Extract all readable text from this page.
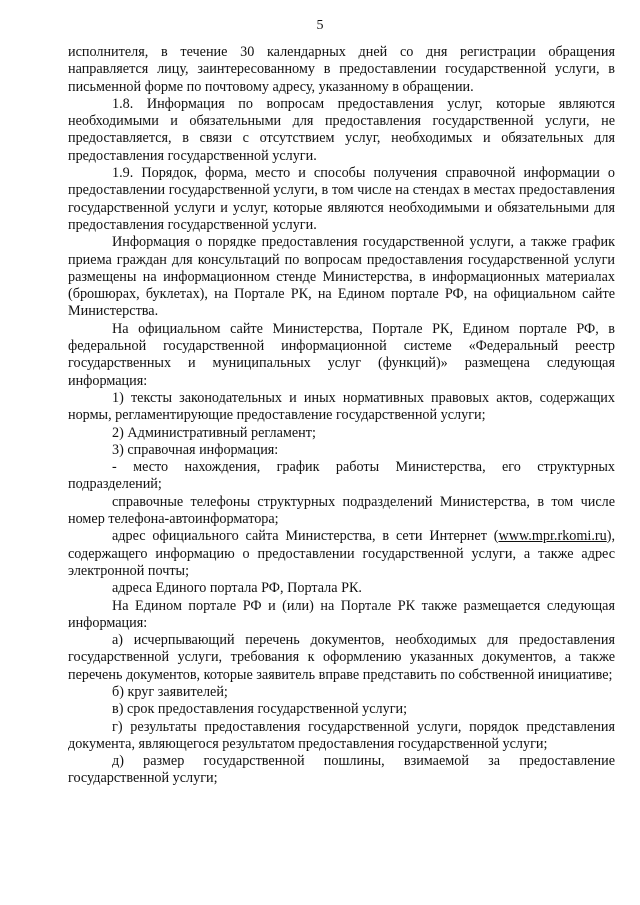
5

исполнителя, в течение 30 календарных дней со дня регистрации обращения направляется лицу, заинтересованному в предоставлении государственной услуги, в письменной форме по почтовому адресу, указанному в обращении.

1.8. Информация по вопросам предоставления услуг, которые являются необходимыми и обязательными для предоставления государственной услуги, не предоставляется, в связи с отсутствием услуг, необходимых и обязательных для предоставления государственной услуги.

1.9. Порядок, форма, место и способы получения справочной информации о предоставлении государственной услуги, в том числе на стендах в местах предоставления государственной услуги и услуг, которые являются необходимыми и обязательными для предоставления государственной услуги.

Информация о порядке предоставления государственной услуги, а также график приема граждан для консультаций по вопросам предоставления государственной услуги размещены на информационном стенде Министерства, в информационных материалах (брошюрах, буклетах), на Портале РК, на Едином портале РФ, на официальном сайте Министерства.

На официальном сайте Министерства, Портале РК, Едином портале РФ, в федеральной государственной информационной системе «Федеральный реестр государственных и муниципальных услуг (функций)» размещена следующая информация:

1) тексты законодательных и иных нормативных правовых актов, содержащих нормы, регламентирующие предоставление государственной услуги;

2) Административный регламент;

3) справочная информация:

- место нахождения, график работы Министерства, его структурных подразделений;

справочные телефоны структурных подразделений Министерства, в том числе номер телефона-автоинформатора;

адрес официального сайта Министерства, в сети Интернет (www.mpr.rkomi.ru), содержащего информацию о предоставлении государственной услуги, а также адрес электронной почты;

адреса Единого портала РФ, Портала РК.

На Едином портале РФ и (или) на Портале РК также размещается следующая информация:

а) исчерпывающий перечень документов, необходимых для предоставления государственной услуги, требования к оформлению указанных документов, а также перечень документов, которые заявитель вправе представить по собственной инициативе;

б) круг заявителей;

в) срок предоставления государственной услуги;

г) результаты предоставления государственной услуги, порядок представления документа, являющегося результатом предоставления государственной услуги;

д) размер государственной пошлины, взимаемой за предоставление государственной услуги;
